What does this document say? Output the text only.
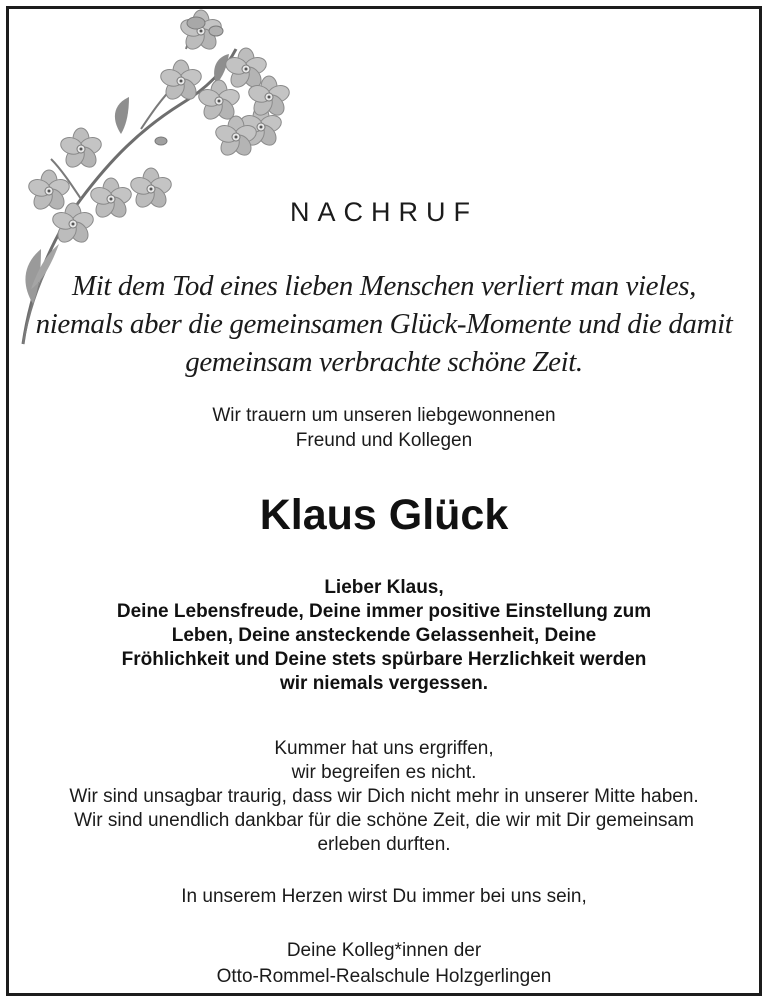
NACHRUF
Mit dem Tod eines lieben Menschen verliert man vieles,
niemals aber die gemeinsamen Glück-Momente und die damit
gemeinsam verbrachte schöne Zeit.
Wir trauern um unseren liebgewonnenen
Freund und Kollegen
Klaus Glück
Lieber Klaus,
Deine Lebensfreude, Deine immer positive Einstellung zum
Leben, Deine ansteckende Gelassenheit, Deine
Fröhlichkeit und Deine stets spürbare Herzlichkeit werden
wir niemals vergessen.
Kummer hat uns ergriffen,
wir begreifen es nicht.
Wir sind unsagbar traurig, dass wir Dich nicht mehr in unserer Mitte haben.
Wir sind unendlich dankbar für die schöne Zeit, die wir mit Dir gemeinsam
erleben durften.
In unserem Herzen wirst Du immer bei uns sein,
Deine Kolleg*innen der
Otto-Rommel-Realschule Holzgerlingen
